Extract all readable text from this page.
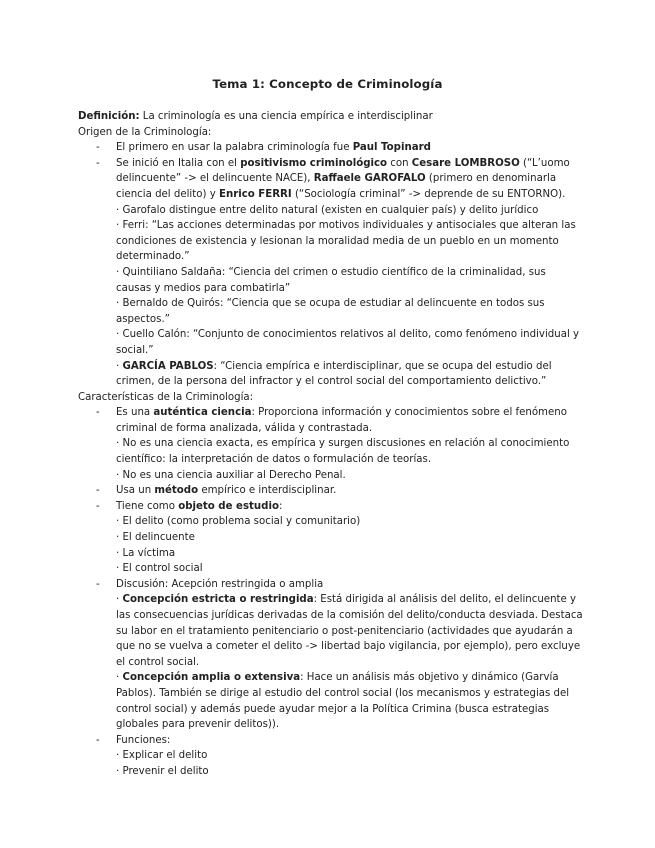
Tema 1: Concepto de Criminología

Definición: La criminología es una ciencia empírica e interdisciplinar

Origen de la Criminología:

- El primero en usar la palabra criminología fue Paul Topinard

- Se inició en Italia con el positivismo criminológico con Cesare LOMBROSO (“L’uomo delincuente” -> el delincuente NACE), Raffaele GAROFALO (primero en denominarla ciencia del delito) y Enrico FERRI (“Sociología criminal” -> deprende de su ENTORNO).

· Garofalo distingue entre delito natural (existen en cualquier país) y delito jurídico

· Ferri: “Las acciones determinadas por motivos individuales y antisociales que alteran las condiciones de existencia y lesionan la moralidad media de un pueblo en un momento determinado.”

· Quintiliano Saldaña: “Ciencia del crimen o estudio científico de la criminalidad, sus causas y medios para combatirla”

· Bernaldo de Quirós: “Ciencia que se ocupa de estudiar al delincuente en todos sus aspectos.”

· Cuello Calón: “Conjunto de conocimientos relativos al delito, como fenómeno individual y social.”

· GARCÍA PABLOS: “Ciencia empírica e interdisciplinar, que se ocupa del estudio del crimen, de la persona del infractor y el control social del comportamiento delictivo.”

Características de la Criminología:

- Es una auténtica ciencia: Proporciona información y conocimientos sobre el fenómeno criminal de forma analizada, válida y contrastada.

· No es una ciencia exacta, es empírica y surgen discusiones en relación al conocimiento científico: la interpretación de datos o formulación de teorías.

· No es una ciencia auxiliar al Derecho Penal.

- Usa un método empírico e interdisciplinar.

- Tiene como objeto de estudio:

· El delito (como problema social y comunitario)

· El delincuente

· La víctima

· El control social

- Discusión: Acepción restringida o amplia

· Concepción estricta o restringida: Está dirigida al análisis del delito, el delincuente y las consecuencias jurídicas derivadas de la comisión del delito/conducta desviada. Destaca su labor en el tratamiento penitenciario o post-penitenciario (actividades que ayudarán a que no se vuelva a cometer el delito -> libertad bajo vigilancia, por ejemplo), pero excluye el control social.

· Concepción amplia o extensiva: Hace un análisis más objetivo y dinámico (Garvía Pablos). También se dirige al estudio del control social (los mecanismos y estrategias del control social) y además puede ayudar mejor a la Política Crimina (busca estrategias globales para prevenir delitos)).

- Funciones:

· Explicar el delito

· Prevenir el delito
